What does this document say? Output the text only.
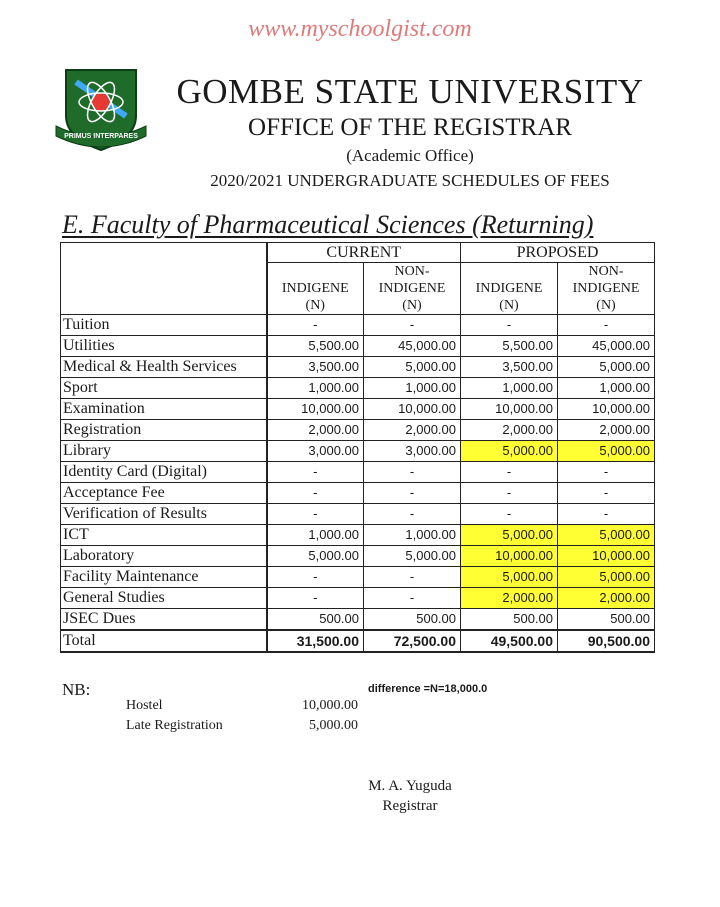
www.myschoolgist.com
PRIMUS INTERPARES
GOMBE STATE UNIVERSITY
OFFICE OF THE REGISTRAR
(Academic Office)
2020/2021 UNDERGRADUATE SCHEDULES OF FEES
E. Faculty of Pharmaceutical Sciences (Returning)
	CURRENT		PROPOSED	
		NON-		NON-
	INDIGENE	INDIGENE	INDIGENE	INDIGENE
	(N)	(N)	(N)	(N)
Tuition	-	-	-	-
Utilities	5,500.00	45,000.00	5,500.00	45,000.00
Medical & Health Services	3,500.00	5,000.00	3,500.00	5,000.00
Sport	1,000.00	1,000.00	1,000.00	1,000.00
Examination	10,000.00	10,000.00	10,000.00	10,000.00
Registration	2,000.00	2,000.00	2,000.00	2,000.00
Library	3,000.00	3,000.00	5,000.00	5,000.00
Identity Card (Digital)	-	-	-	-
Acceptance Fee	-	-	-	-
Verification of Results	-	-	-	-
ICT	1,000.00	1,000.00	5,000.00	5,000.00
Laboratory	5,000.00	5,000.00	10,000.00	10,000.00
Facility Maintenance	-	-	5,000.00	5,000.00
General Studies	-	-	2,000.00	2,000.00
JSEC Dues	500.00	500.00	500.00	500.00
Total	31,500.00	72,500.00	49,500.00	90,500.00
NB:	difference =N=18,000.0
Hostel	10,000.00
Late Registration	5,000.00
M. A. Yuguda
Registrar
